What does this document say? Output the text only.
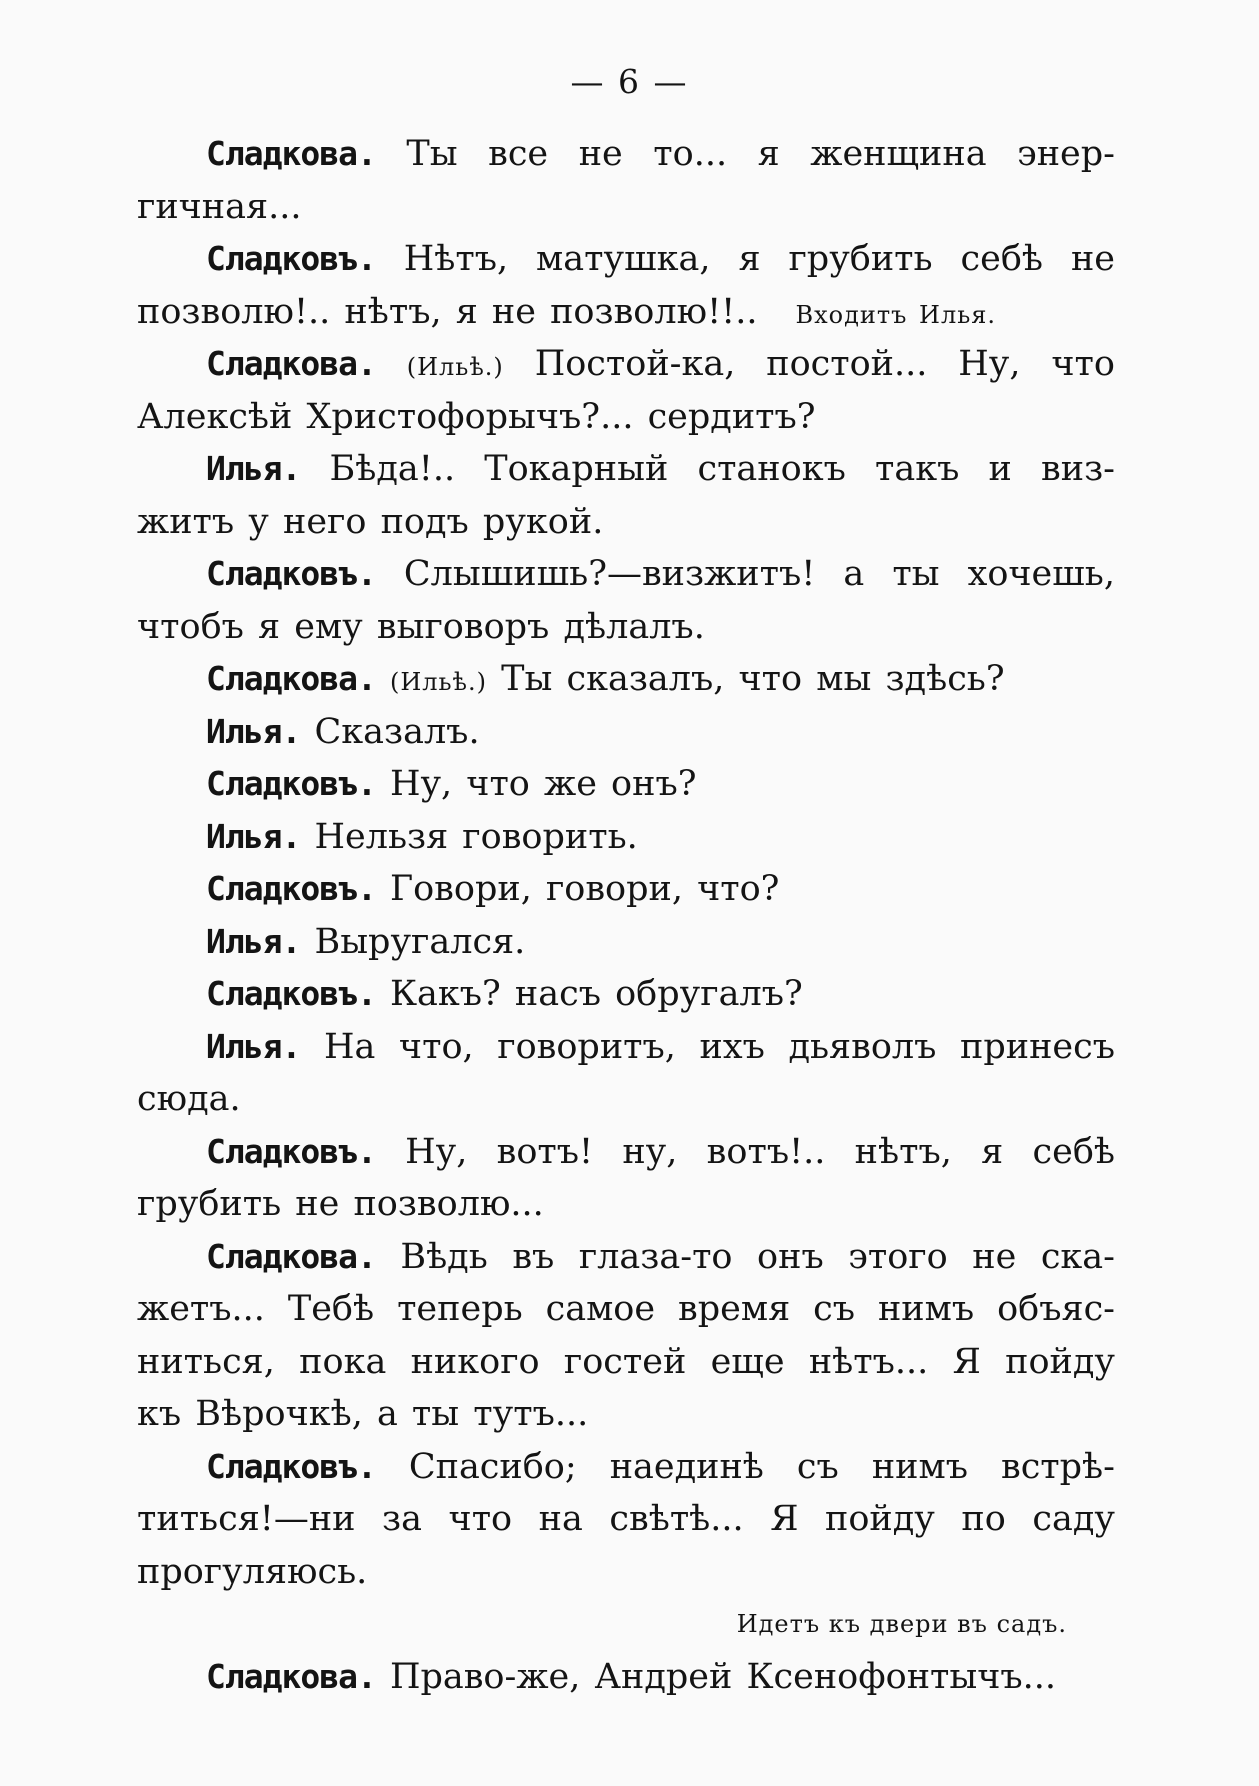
— 6 —
Сладкова. Ты все не то... я женщина энер-
гичная...
Сладковъ. Нѣтъ, матушка, я грубить себѣ не
позволю!.. нѣтъ, я не позволю!!.. Входитъ Илья.
Сладкова. (Ильѣ.) Постой-ка, постой... Ну, что
Алексѣй Христофорычъ?... сердитъ?
Илья. Бѣда!.. Токарный станокъ такъ и виз-
житъ у него подъ рукой.
Сладковъ. Слышишь?—визжитъ! а ты хочешь,
чтобъ я ему выговоръ дѣлалъ.
Сладкова. (Ильѣ.) Ты сказалъ, что мы здѣсь?
Илья. Сказалъ.
Сладковъ. Ну, что же онъ?
Илья. Нельзя говорить.
Сладковъ. Говори, говори, что?
Илья. Выругался.
Сладковъ. Какъ? насъ обругалъ?
Илья. На что, говоритъ, ихъ дьяволъ принесъ
сюда.
Сладковъ. Ну, вотъ! ну, вотъ!.. нѣтъ, я себѣ
грубить не позволю...
Сладкова. Вѣдь въ глаза-то онъ этого не ска-
жетъ... Тебѣ теперь самое время съ нимъ объяс-
ниться, пока никого гостей еще нѣтъ... Я пойду
къ Вѣрочкѣ, а ты тутъ...
Сладковъ. Спасибо; наединѣ съ нимъ встрѣ-
титься!—ни за что на свѣтѣ... Я пойду по саду
прогуляюсь.
Идетъ къ двери въ садъ.
Сладкова. Право-же, Андрей Ксенофонтычъ...
